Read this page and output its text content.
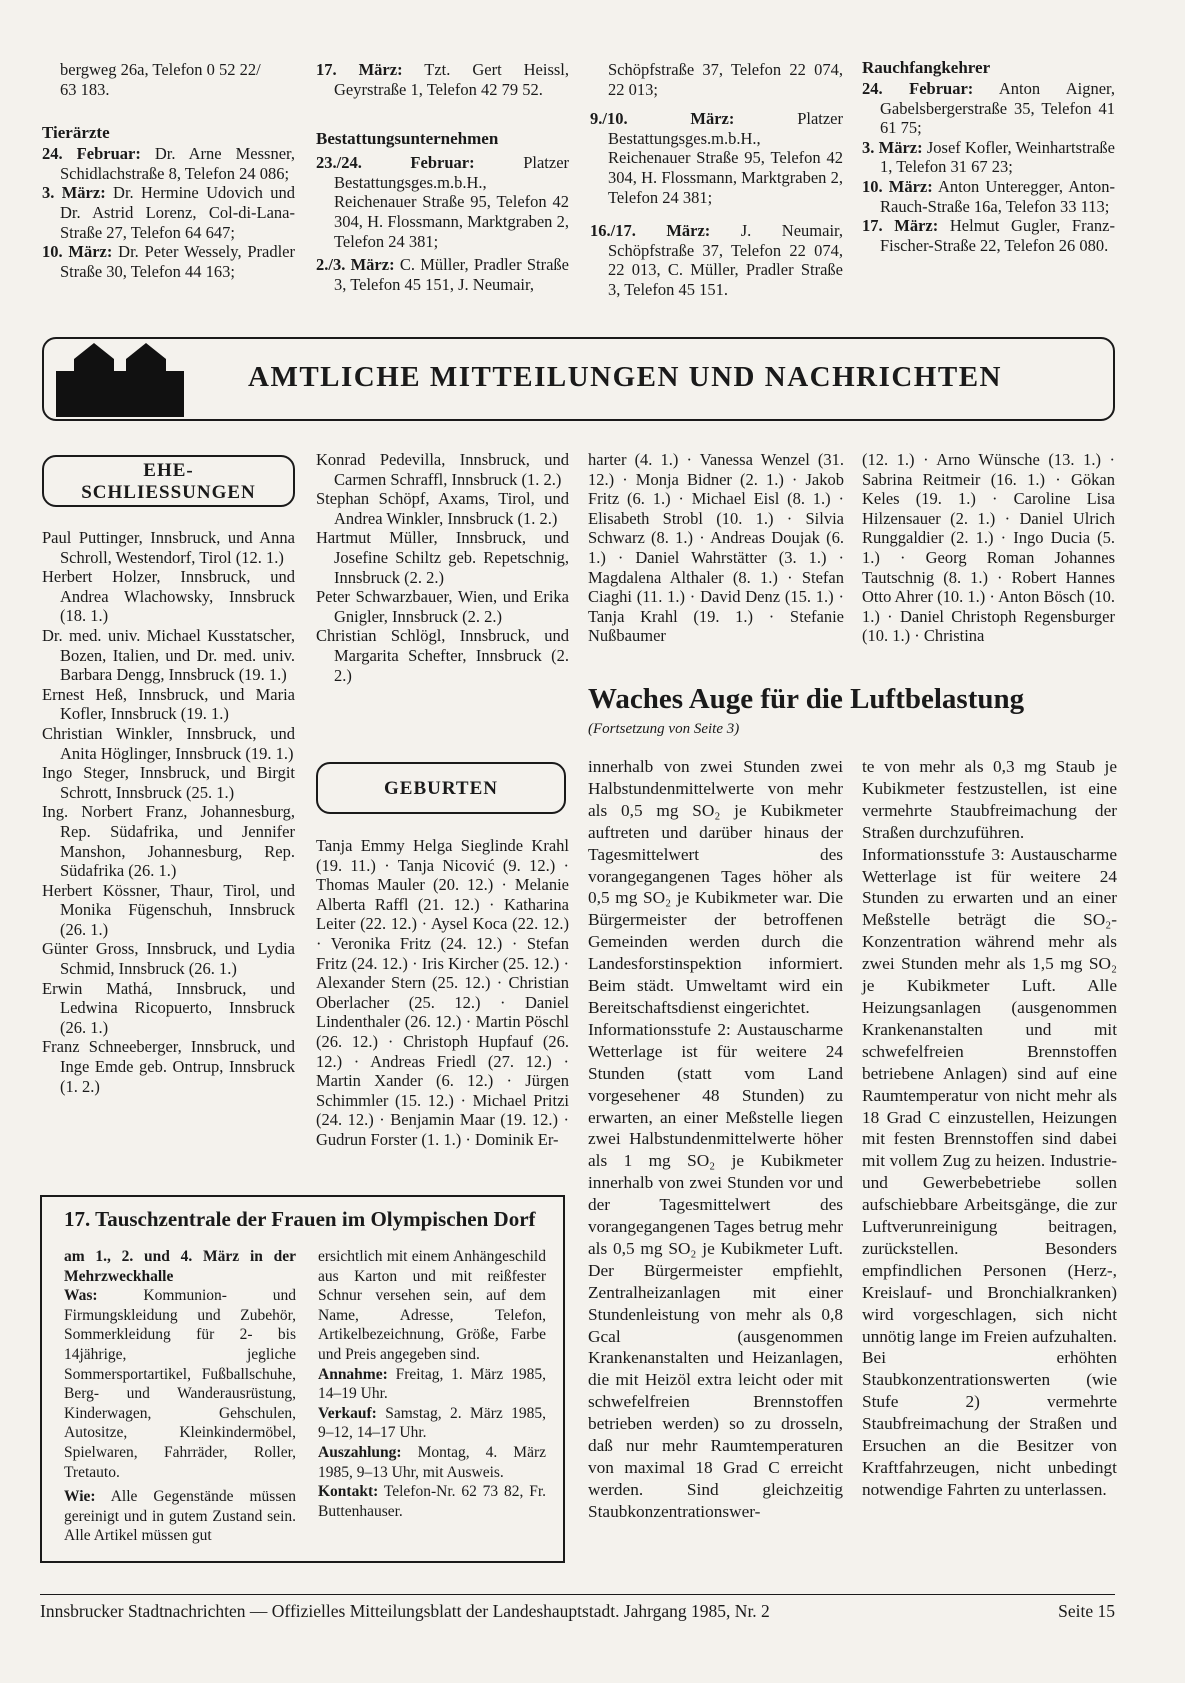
bergweg 26a, Telefon 0 52 22/

63 183.

Tierärzte

24. Februar: Dr. Arne Messner, Schidlachstraße 8, Telefon 24 086;

3. März: Dr. Hermine Udovich und Dr. Astrid Lorenz, Col-di-Lana-Straße 27, Telefon 64 647;

10. März: Dr. Peter Wessely, Pradler Straße 30, Telefon 44 163;

17. März: Tzt. Gert Heissl, Geyrstraße 1, Telefon 42 79 52.

Bestattungsunternehmen

23./24. Februar:	Platzer Bestattungsges.m.b.H., Reichenauer Straße 95, Telefon 42 304, H. Flossmann, Marktgraben 2, Telefon 24 381;

2./3. März: C. Müller, Pradler Straße 3, Telefon 45 151, J. Neumair,

Schöpfstraße 37, Telefon 22 074, 22 013;

9./10. März:	Platzer Bestattungsges.m.b.H., Reichenauer Straße 95, Telefon 42 304, H. Flossmann, Marktgraben 2, Telefon 24 381;

16./17. März: J. Neumair, Schöpfstraße 37, Telefon 22 074, 22 013, C. Müller, Pradler Straße 3, Telefon 45 151.

Rauchfangkehrer

24. Februar: Anton Aigner, Gabelsbergerstraße 35, Telefon 41 61 75;

3. März: Josef Kofler, Weinhartstraße 1, Telefon 31 67 23;

10. März: Anton Unteregger, Anton-Rauch-Straße 16a, Telefon 33 113;

17. März: Helmut Gugler, Franz-Fischer-Straße 22, Telefon 26 080.

AMTLICHE MITTEILUNGEN UND NACHRICHTEN
EHE-
SCHLIESSUNGEN

Paul Puttinger, Innsbruck, und Anna Schroll, Westendorf, Tirol (12. 1.)

Herbert Holzer, Innsbruck, und Andrea Wlachowsky, Innsbruck (18. 1.)

Dr. med. univ. Michael Kusstatscher, Bozen, Italien, und Dr. med. univ. Barbara Dengg, Innsbruck (19. 1.)

Ernest Heß, Innsbruck, und Maria Kofler, Innsbruck (19. 1.)

Christian Winkler, Innsbruck, und Anita Höglinger, Innsbruck (19. 1.)

Ingo Steger, Innsbruck, und Birgit Schrott, Innsbruck (25. 1.)

Ing. Norbert Franz, Johannesburg, Rep. Südafrika, und Jennifer Manshon, Johannesburg, Rep. Südafrika (26. 1.)

Herbert Kössner, Thaur, Tirol, und Monika Fügenschuh, Innsbruck (26. 1.)

Günter Gross, Innsbruck, und Lydia Schmid, Innsbruck (26. 1.)

Erwin Mathá, Innsbruck, und Ledwina Ricopuerto, Innsbruck (26. 1.)

Franz Schneeberger, Innsbruck, und Inge Emde geb. Ontrup, Innsbruck (1. 2.)

Konrad Pedevilla, Innsbruck, und Carmen Schraffl, Innsbruck (1. 2.)

Stephan Schöpf, Axams, Tirol, und Andrea Winkler, Innsbruck (1. 2.)

Hartmut Müller, Innsbruck, und Josefine Schiltz geb. Repetschnig, Innsbruck (2. 2.)

Peter Schwarzbauer, Wien, und Erika Gnigler, Innsbruck (2. 2.)

Christian Schlögl, Innsbruck, und Margarita Schefter, Innsbruck (2. 2.)

GEBURTEN

Tanja Emmy Helga Sieglinde Krahl (19. 11.) · Tanja Nicović (9. 12.) · Thomas Mauler (20. 12.) · Melanie Alberta Raffl (21. 12.) · Katharina Leiter (22. 12.) · Aysel Koca (22. 12.) · Veronika Fritz (24. 12.) · Stefan Fritz (24. 12.) · Iris Kircher (25. 12.) · Alexander Stern (25. 12.) · Christian Oberlacher (25. 12.) · Daniel Lindenthaler (26. 12.) · Martin Pöschl (26. 12.) · Christoph Hupfauf (26. 12.) · Andreas Friedl (27. 12.) · Martin Xander (6. 12.) · Jürgen Schimmler (15. 12.) · Michael Pritzi (24. 12.) · Benjamin Maar (19. 12.) · Gudrun Forster (1. 1.) · Dominik Er-

harter (4. 1.) · Vanessa Wenzel (31. 12.) · Monja Bidner (2. 1.) · Jakob Fritz (6. 1.) · Michael Eisl (8. 1.) · Elisabeth Strobl (10. 1.) · Silvia Schwarz (8. 1.) · Andreas Doujak (6. 1.) · Daniel Wahrstätter (3. 1.) · Magdalena Althaler (8. 1.) · Stefan Ciaghi (11. 1.) · David Denz (15. 1.) · Tanja Krahl (19. 1.) · Stefanie Nußbaumer

(12. 1.) · Arno Wünsche (13. 1.) · Sabrina Reitmeir (16. 1.) · Gökan Keles (19. 1.) · Caroline Lisa Hilzensauer (2. 1.) · Daniel Ulrich Runggaldier (2. 1.) · Ingo Ducia (5. 1.) · Georg Roman Johannes Tautschnig (8. 1.) · Robert Hannes Otto Ahrer (10. 1.) · Anton Bösch (10. 1.) · Daniel Christoph Regensburger (10. 1.) · Christina

Waches Auge für die Luftbelastung
(Fortsetzung von Seite 3)

innerhalb von zwei Stunden zwei Halbstundenmittelwerte von mehr als 0,5 mg SO₂ je Kubikmeter auftreten und darüber hinaus der Tagesmittelwert des vorangegangenen Tages höher als 0,5 mg SO₂ je Kubikmeter war. Die Bürgermeister der betroffenen Gemeinden werden durch die Landesforstinspektion informiert. Beim städt. Umweltamt wird ein Bereitschaftsdienst eingerichtet.

Informationsstufe 2: Austauscharme Wetterlage ist für weitere 24 Stunden (statt vom Land vorgesehener 48 Stunden) zu erwarten, an einer Meßstelle liegen zwei Halbstundenmittelwerte höher als 1 mg SO₂ je Kubikmeter innerhalb von zwei Stunden vor und der Tagesmittelwert des vorangegangenen Tages betrug mehr als 0,5 mg SO₂ je Kubikmeter Luft. Der Bürgermeister empfiehlt, Zentralheizanlagen mit einer Stundenleistung von mehr als 0,8 Gcal (ausgenommen Krankenanstalten und Heizanlagen, die mit Heizöl extra leicht oder mit schwefelfreien Brennstoffen betrieben werden) so zu drosseln, daß nur mehr Raumtemperaturen von maximal 18 Grad C erreicht werden. Sind gleichzeitig Staubkonzentrationswer-

te von mehr als 0,3 mg Staub je Kubikmeter festzustellen, ist eine vermehrte Staubfreimachung der Straßen durchzuführen.

Informationsstufe 3: Austauscharme Wetterlage ist für weitere 24 Stunden zu erwarten und an einer Meßstelle beträgt die SO₂-Konzentration während mehr als zwei Stunden mehr als 1,5 mg SO₂ je Kubikmeter Luft. Alle Heizungsanlagen (ausgenommen Krankenanstalten und mit schwefelfreien Brennstoffen betriebene Anlagen) sind auf eine Raumtemperatur von nicht mehr als 18 Grad C einzustellen, Heizungen mit festen Brennstoffen sind dabei mit vollem Zug zu heizen. Industrie- und Gewerbebetriebe sollen aufschiebbare Arbeitsgänge, die zur Luftverunreinigung beitragen, zurückstellen. Besonders empfindlichen Personen (Herz-, Kreislauf- und Bronchialkranken) wird vorgeschlagen, sich nicht unnötig lange im Freien aufzuhalten. Bei erhöhten Staubkonzentrationswerten (wie Stufe 2) vermehrte Staubfreimachung der Straßen und Ersuchen an die Besitzer von Kraftfahrzeugen, nicht unbedingt notwendige Fahrten zu unterlassen.

17. Tauschzentrale der Frauen im Olympischen Dorf

am 1., 2. und 4. März in der Mehrzweckhalle

Was:	Kommunion- und Firmungskleidung und Zubehör, Sommerkleidung für 2- bis 14jährige, jegliche Sommersportartikel, Fußballschuhe, Berg- und Wanderausrüstung, Kinderwagen, Gehschulen, Autositze, Kleinkindermöbel, Spielwaren, Fahrräder, Roller, Tretauto.

Wie: Alle Gegenstände müssen gereinigt und in gutem Zustand sein. Alle Artikel müssen gut

ersichtlich mit einem Anhängeschild aus Karton und mit reißfester Schnur versehen sein, auf dem Name, Adresse, Telefon, Artikelbezeichnung, Größe, Farbe und Preis angegeben sind.

Annahme: Freitag, 1. März 1985, 14–19 Uhr.

Verkauf: Samstag, 2. März 1985, 9–12, 14–17 Uhr.

Auszahlung: Montag, 4. März 1985, 9–13 Uhr, mit Ausweis.

Kontakt: Telefon-Nr. 62 73 82, Fr. Buttenhauser.

Innsbrucker Stadtnachrichten — Offizielles Mitteilungsblatt der Landeshauptstadt. Jahrgang 1985, Nr. 2	Seite 15
